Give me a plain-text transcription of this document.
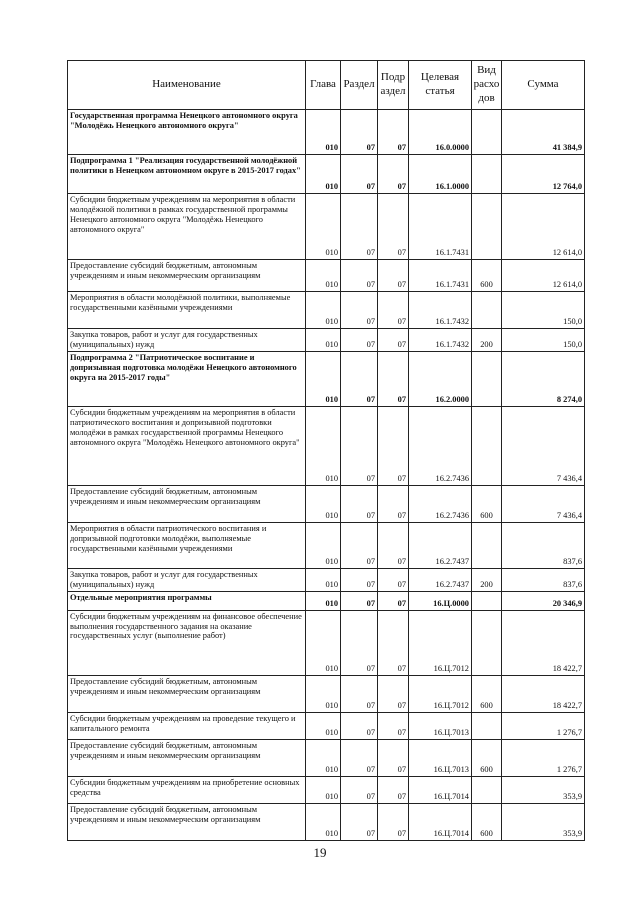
Наименование	Глава	Раздел	Подр аздел	Целевая статья	Вид расхо дов	Сумма
Государственная программа Ненецкого автономного округа "Молодёжь Ненецкого автономного округа"	010	07	07	16.0.0000		41 384,9
Подпрограмма 1 "Реализация государственной молодёжной политики в Ненецком автономном округе в 2015-2017 годах"	010	07	07	16.1.0000		12 764,0
Субсидии бюджетным учреждениям на мероприятия в области молодёжной политики в рамках государственной программы Ненецкого автономного округа "Молодёжь Ненецкого автономного округа"	010	07	07	16.1.7431		12 614,0
Предоставление субсидий бюджетным, автономным учреждениям и иным некоммерческим организациям	010	07	07	16.1.7431	600	12 614,0
Мероприятия в области молодёжной политики, выполняемые государственными казёнными учреждениями	010	07	07	16.1.7432		150,0
Закупка товаров, работ и услуг для государственных (муниципальных) нужд	010	07	07	16.1.7432	200	150,0
Подпрограмма 2 "Патриотическое воспитание и допризывная подготовка молодёжи Ненецкого автономного округа на 2015-2017 годы"	010	07	07	16.2.0000		8 274,0
Субсидии бюджетным учреждениям на мероприятия в области патриотического воспитания и допризывной подготовки молодёжи в рамках государственной программы Ненецкого автономного округа "Молодёжь Ненецкого автономного округа"	010	07	07	16.2.7436		7 436,4
Предоставление субсидий бюджетным, автономным учреждениям и иным некоммерческим организациям	010	07	07	16.2.7436	600	7 436,4
Мероприятия в области патриотического воспитания и допризывной подготовки молодёжи, выполняемые государственными казёнными учреждениями	010	07	07	16.2.7437		837,6
Закупка товаров, работ и услуг для государственных (муниципальных) нужд	010	07	07	16.2.7437	200	837,6
Отдельные мероприятия программы	010	07	07	16.Ц.0000		20 346,9
Субсидии бюджетным учреждениям на финансовое обеспечение выполнения государственного задания на оказание государственных услуг (выполнение работ)	010	07	07	16.Ц.7012		18 422,7
Предоставление субсидий бюджетным, автономным учреждениям и иным некоммерческим организациям	010	07	07	16.Ц.7012	600	18 422,7
Субсидии бюджетным учреждениям на проведение текущего и капитального ремонта	010	07	07	16.Ц.7013		1 276,7
Предоставление субсидий бюджетным, автономным учреждениям и иным некоммерческим организациям	010	07	07	16.Ц.7013	600	1 276,7
Субсидии бюджетным учреждениям на приобретение основных средства	010	07	07	16.Ц.7014		353,9
Предоставление субсидий бюджетным, автономным учреждениям и иным некоммерческим организациям	010	07	07	16.Ц.7014	600	353,9
19
